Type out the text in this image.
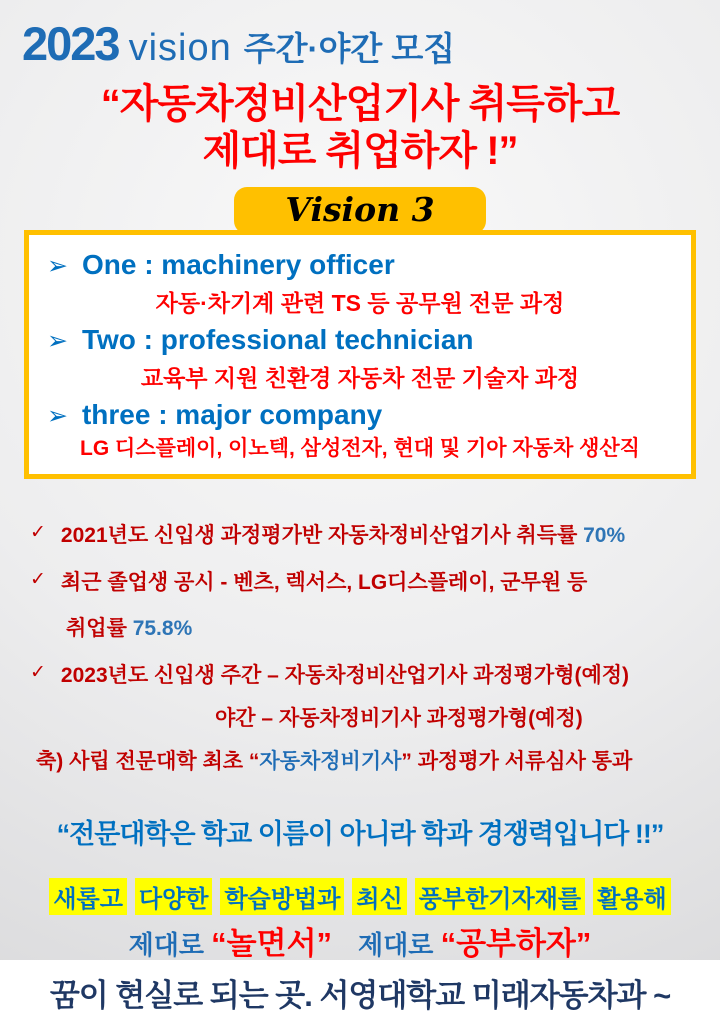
2023 vision 주간·야간 모집
“자동차정비산업기사 취득하고
제대로 취업하자 !”
Vision 3
➢ One : machinery officer
자동·차기계 관련 TS 등 공무원 전문 과정
➢ Two : professional technician
교육부 지원 친환경 자동차 전문 기술자 과정
➢ three : major company
LG 디스플레이, 이노텍, 삼성전자, 현대 및 기아 자동차 생산직
✓ 2021년도 신입생 과정평가반 자동차정비산업기사 취득률 70%
✓ 최근 졸업생 공시 - 벤츠, 렉서스, LG디스플레이, 군무원 등
취업률 75.8%
✓ 2023년도 신입생 주간 – 자동차정비산업기사 과정평가형(예정)
야간 – 자동차정비기사 과정평가형(예정)
축) 사립 전문대학 최초 “자동차정비기사” 과정평가 서류심사 통과
“전문대학은 학교 이름이 아니라 학과 경쟁력입니다 !!”
새롭고 다양한 학습방법과 최신 풍부한기자재를 활용해
제대로 “놀면서” 제대로 “공부하자”
꿈이 현실로 되는 곳. 서영대학교 미래자동차과 ~
